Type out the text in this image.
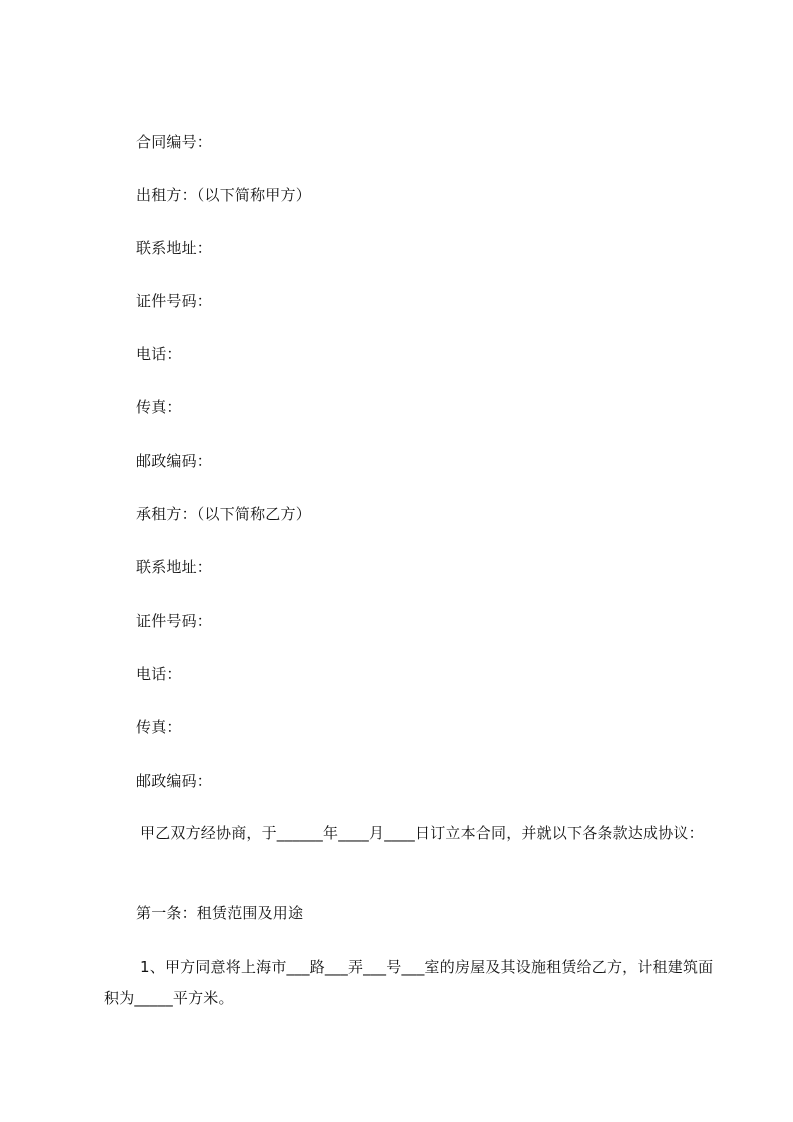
合同编号：
出租方：（以下简称甲方）
联系地址：
证件号码：
电话：
传真：
邮政编码：
承租方：（以下简称乙方）
联系地址：
证件号码：
电话：
传真：
邮政编码：
甲乙双方经协商，于______年____月____日订立本合同，并就以下各条款达成协议：
第一条：租赁范围及用途
1、甲方同意将上海市___路___弄___号___室的房屋及其设施租赁给乙方，计租建筑面积为_____平方米。
